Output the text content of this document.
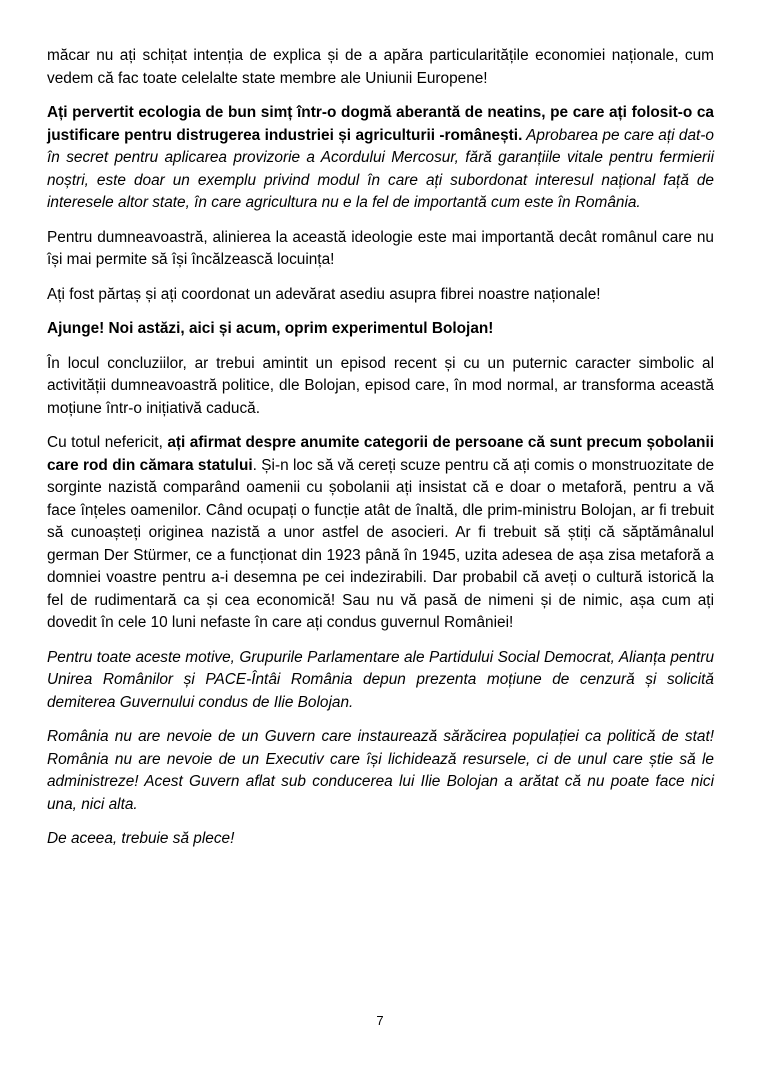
măcar nu ați schițat intenția de explica și de a apăra particularitățile economiei naționale, cum vedem că fac toate celelalte state membre ale Uniunii Europene!

Ați pervertit ecologia de bun simț într-o dogmă aberantă de neatins, pe care ați folosit-o ca justificare pentru distrugerea industriei și agriculturii -românești. Aprobarea pe care ați dat-o în secret pentru aplicarea provizorie a Acordului Mercosur, fără garanțiile vitale pentru fermierii noștri, este doar un exemplu privind modul în care ați subordonat interesul național față de interesele altor state, în care agricultura nu e la fel de importantă cum este în România.

Pentru dumneavoastră, alinierea la această ideologie este mai importantă decât românul care nu își mai permite să își încălzească locuința!

Ați fost părtaș și ați coordonat un adevărat asediu asupra fibrei noastre naționale!

Ajunge! Noi astăzi, aici și acum, oprim experimentul Bolojan!

În locul concluziilor, ar trebui amintit un episod recent și cu un puternic caracter simbolic al activității dumneavoastră politice, dle Bolojan, episod care, în mod normal, ar transforma această moțiune într-o inițiativă caducă.

Cu totul nefericit, ați afirmat despre anumite categorii de persoane că sunt precum șobolanii care rod din cămara statului. Și-n loc să vă cereți scuze pentru că ați comis o monstruozitate de sorginte nazistă comparând oamenii cu șobolanii ați insistat că e doar o metaforă, pentru a vă face înțeles oamenilor. Când ocupați o funcție atât de înaltă, dle prim-ministru Bolojan, ar fi trebuit să cunoașteți originea nazistă a unor astfel de asocieri. Ar fi trebuit să știți că săptămânalul german Der Stürmer, ce a funcționat din 1923 până în 1945, uzita adesea de așa zisa metaforă a domniei voastre pentru a-i desemna pe cei indezirabili. Dar probabil că aveți o cultură istorică la fel de rudimentară ca și cea economică! Sau nu vă pasă de nimeni și de nimic, așa cum ați dovedit în cele 10 luni nefaste în care ați condus guvernul României!

Pentru toate aceste motive, Grupurile Parlamentare ale Partidului Social Democrat, Alianța pentru Unirea Românilor și PACE-Întâi România depun prezenta moțiune de cenzură și solicită demiterea Guvernului condus de Ilie Bolojan.

România nu are nevoie de un Guvern care instaurează sărăcirea populației ca politică de stat! România nu are nevoie de un Executiv care își lichidează resursele, ci de unul care știe să le administreze! Acest Guvern aflat sub conducerea lui Ilie Bolojan a arătat că nu poate face nici una, nici alta.

De aceea, trebuie să plece!

7
